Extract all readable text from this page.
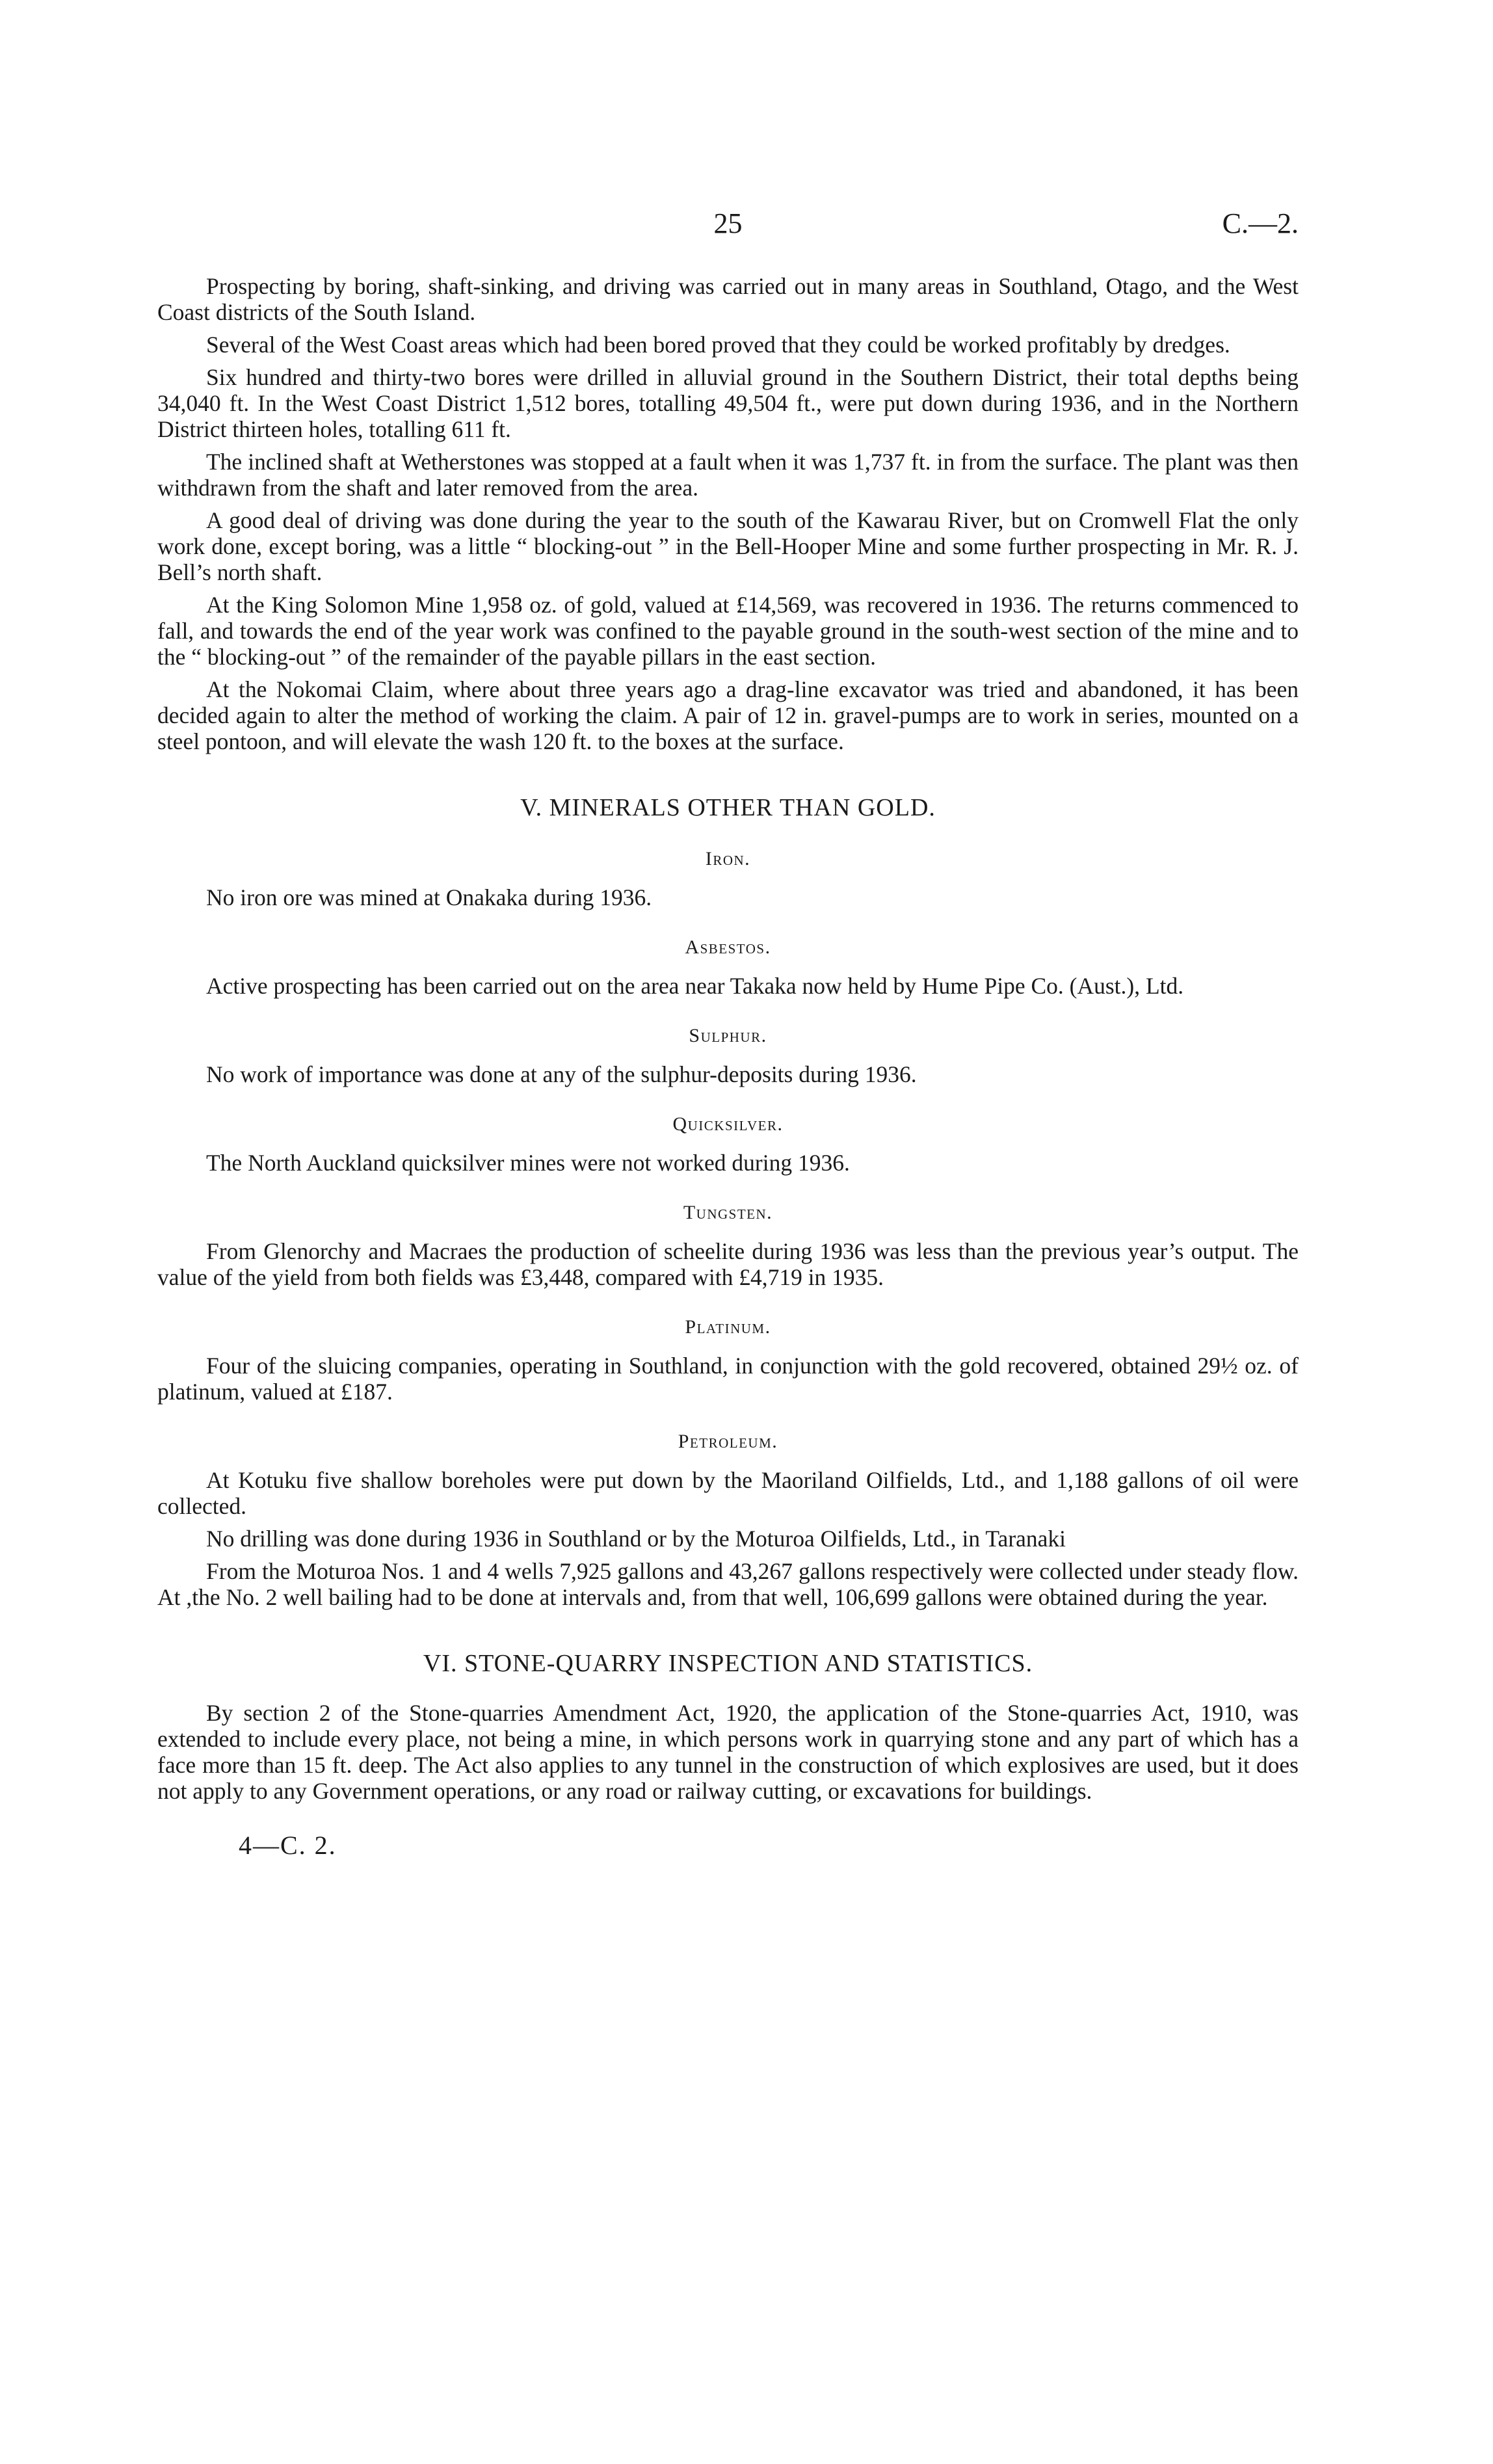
25	C.—2.

Prospecting by boring, shaft-sinking, and driving was carried out in many areas in Southland, Otago, and the West Coast districts of the South Island.

Several of the West Coast areas which had been bored proved that they could be worked profitably by dredges.

Six hundred and thirty-two bores were drilled in alluvial ground in the Southern District, their total depths being 34,040 ft. In the West Coast District 1,512 bores, totalling 49,504 ft., were put down during 1936, and in the Northern District thirteen holes, totalling 611 ft.

The inclined shaft at Wetherstones was stopped at a fault when it was 1,737 ft. in from the surface. The plant was then withdrawn from the shaft and later removed from the area.

A good deal of driving was done during the year to the south of the Kawarau River, but on Cromwell Flat the only work done, except boring, was a little “ blocking-out ” in the Bell-Hooper Mine and some further prospecting in Mr. R. J. Bell’s north shaft.

At the King Solomon Mine 1,958 oz. of gold, valued at £14,569, was recovered in 1936. The returns commenced to fall, and towards the end of the year work was confined to the payable ground in the south-west section of the mine and to the “ blocking-out ” of the remainder of the payable pillars in the east section.

At the Nokomai Claim, where about three years ago a drag-line excavator was tried and abandoned, it has been decided again to alter the method of working the claim. A pair of 12 in. gravel-pumps are to work in series, mounted on a steel pontoon, and will elevate the wash 120 ft. to the boxes at the surface.

V. MINERALS OTHER THAN GOLD.
Iron.

No iron ore was mined at Onakaka during 1936.

Asbestos.

Active prospecting has been carried out on the area near Takaka now held by Hume Pipe Co. (Aust.), Ltd.

Sulphur.

No work of importance was done at any of the sulphur-deposits during 1936.

Quicksilver.

The North Auckland quicksilver mines were not worked during 1936.

Tungsten.

From Glenorchy and Macraes the production of scheelite during 1936 was less than the previous year’s output. The value of the yield from both fields was £3,448, compared with £4,719 in 1935.

Platinum.

Four of the sluicing companies, operating in Southland, in conjunction with the gold recovered, obtained 29½ oz. of platinum, valued at £187.

Petroleum.

At Kotuku five shallow boreholes were put down by the Maoriland Oilfields, Ltd., and 1,188 gallons of oil were collected.

No drilling was done during 1936 in Southland or by the Moturoa Oilfields, Ltd., in Taranaki

From the Moturoa Nos. 1 and 4 wells 7,925 gallons and 43,267 gallons respectively were collected under steady flow. At ,the No. 2 well bailing had to be done at intervals and, from that well, 106,699 gallons were obtained during the year.

VI. STONE-QUARRY INSPECTION AND STATISTICS.

By section 2 of the Stone-quarries Amendment Act, 1920, the application of the Stone-quarries Act, 1910, was extended to include every place, not being a mine, in which persons work in quarrying stone and any part of which has a face more than 15 ft. deep. The Act also applies to any tunnel in the construction of which explosives are used, but it does not apply to any Government operations, or any road or railway cutting, or excavations for buildings.

4—C. 2.
